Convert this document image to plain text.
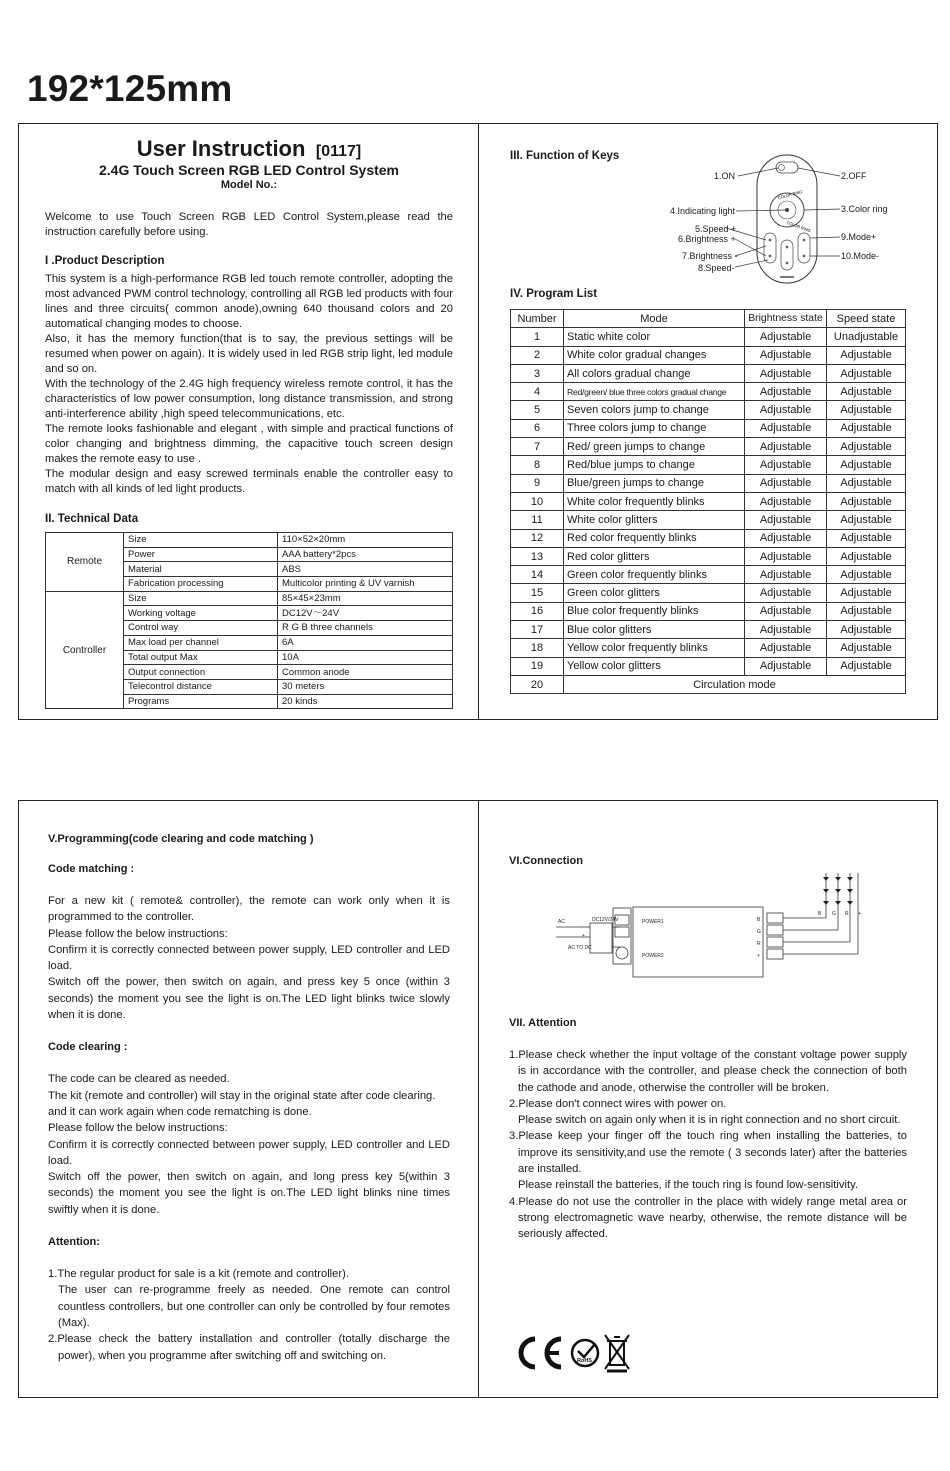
192*125mm
User Instruction [0117]
2.4G Touch Screen RGB LED Control System
Model No.:

Welcome to use Touch Screen RGB LED Control System,please read the instruction carefully before using.

I .Product Description

This system is a high-performance RGB led touch remote controller, adopting the most advanced PWM control technology, controlling all RGB led products with four lines and three circuits( common anode),owning 640 thousand colors and 20 automatical changing modes to choose.

Also, it has the memory function(that is to say, the previous settings will be resumed when power on again). It is widely used in led RGB strip light, led module and so on.

With the technology of the 2.4G high frequency wireless remote control, it has the characteristics of low power consumption, long distance transmission, and strong anti-interference ability ,high speed telecommunications, etc.

The remote looks fashionable and elegant , with simple and practical functions of color changing and brightness dimming, the capacitive touch screen design makes the remote easy to use .

The modular design and easy screwed terminals enable the controller easy to match with all kinds of led light products.

II. Technical Data
Remote	Size	110×52×20mm
	Power	AAA battery*2pcs
	Material	ABS
	Fabrication processing	Multicolor printing & UV varnish
Controller	Size	85×45×23mm
	Working voltage	DC12V～24V
	Control way	R G B three channels
	Max load per channel	6A
	Total output Max	10A
	Output connection	Common anode
	Telecontrol distance	30 meters
	Programs	20 kinds
III. Function of Keys
COLOR RING
COLOR RING
1.ON	2.OFF
3.Color ring
4.Indicating light
5.Speed +
6.Brightness +
7.Brightness -
8.Speed-
9.Mode+
10.Mode-
IV. Program List
Number	Mode	Brightness state	Speed state
1	Static white color	Adjustable	Unadjustable
2	White color gradual changes	Adjustable	Adjustable
3	All colors gradual change	Adjustable	Adjustable
4	Red/green/ blue three colors gradual change	Adjustable	Adjustable
5	Seven colors jump to change	Adjustable	Adjustable
6	Three colors jump to change	Adjustable	Adjustable
7	Red/ green jumps to change	Adjustable	Adjustable
8	Red/blue jumps to change	Adjustable	Adjustable
9	Blue/green jumps to change	Adjustable	Adjustable
10	White color frequently blinks	Adjustable	Adjustable
11	White color glitters	Adjustable	Adjustable
12	Red color frequently blinks	Adjustable	Adjustable
13	Red color glitters	Adjustable	Adjustable
14	Green color frequently blinks	Adjustable	Adjustable
15	Green color glitters	Adjustable	Adjustable
16	Blue color frequently blinks	Adjustable	Adjustable
17	Blue color glitters	Adjustable	Adjustable
18	Yellow color frequently blinks	Adjustable	Adjustable
19	Yellow color glitters	Adjustable	Adjustable
20	Circulation mode		
V.Programming(code clearing and code matching )
Code matching :

For a new kit ( remote& controller), the remote can work only when it is programmed to the controller.

Please follow the below instructions:

Confirm it is correctly connected between power supply, LED controller and LED load.

Switch off the power, then switch on again, and press key 5 once (within 3 seconds) the moment you see the light is on.The LED light blinks twice slowly when it is done.

Code clearing :

The code can be cleared as needed.

The kit (remote and controller) will stay in the original state after code clearing. and it can work again when code rematching is done.

Please follow the below instructions:

Confirm it is correctly connected between power supply, LED controller and LED load.

Switch off the power, then switch on again, and long press key 5(within 3 seconds) the moment you see the light is on.The LED light blinks nine times swiftly when it is done.

Attention:

1.The regular product for sale is a kit (remote and controller).

The user can re-programme freely as needed. One remote can control countless controllers, but one controller can only be controlled by four remotes (Max).

2.Please check the battery installation and controller (totally discharge the power), when you programme after switching off and switching on.

VI.Connection
AC	DC12V/24V
-
+
AC TO DC
POWER1
POWER2
B
G
R
+
B G R +
VII. Attention

1.Please check whether the input voltage of the constant voltage power supply is in accordance with the controller, and please check the connection of both the cathode and anode, otherwise the controller will be broken.

2.Please don't connect wires with power on.

Please switch on again only when it is in right connection and no short circuit.

3.Please keep your finger off the touch ring when installing the batteries, to improve its sensitivity,and use the remote ( 3 seconds later) after the batteries are installed.

Please reinstall the batteries, if the touch ring is found low-sensitivity.

4.Please do not use the controller in the place with widely range metal area or strong electromagnetic wave nearby, otherwise, the remote distance will be seriously affected.

RoHS
